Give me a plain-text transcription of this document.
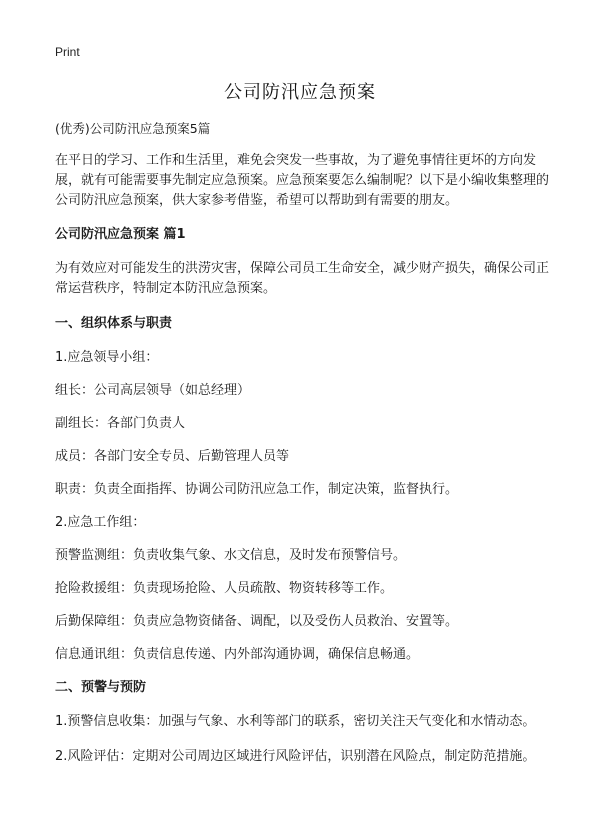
Print
公司防汛应急预案

(优秀)公司防汛应急预案5篇

在平日的学习、工作和生活里，难免会突发一些事故，为了避免事情往更坏的方向发展，就有可能需要事先制定应急预案。应急预案要怎么编制呢？以下是小编收集整理的公司防汛应急预案，供大家参考借鉴，希望可以帮助到有需要的朋友。

公司防汛应急预案 篇1

为有效应对可能发生的洪涝灾害，保障公司员工生命安全，减少财产损失，确保公司正常运营秩序，特制定本防汛应急预案。

一、组织体系与职责

1.应急领导小组：

组长：公司高层领导（如总经理）

副组长：各部门负责人

成员：各部门安全专员、后勤管理人员等

职责：负责全面指挥、协调公司防汛应急工作，制定决策，监督执行。

2.应急工作组：

预警监测组：负责收集气象、水文信息，及时发布预警信号。

抢险救援组：负责现场抢险、人员疏散、物资转移等工作。

后勤保障组：负责应急物资储备、调配，以及受伤人员救治、安置等。

信息通讯组：负责信息传递、内外部沟通协调，确保信息畅通。

二、预警与预防

1.预警信息收集：加强与气象、水利等部门的联系，密切关注天气变化和水情动态。

2.风险评估：定期对公司周边区域进行风险评估，识别潜在风险点，制定防范措施。
